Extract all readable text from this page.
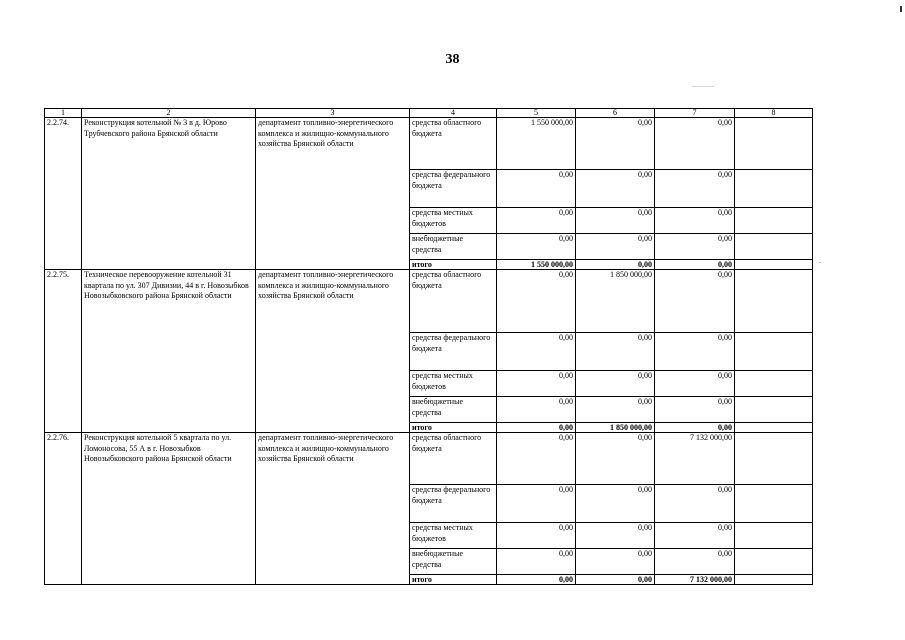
38
1	2	3	4	5	6	7	8
2.2.74.	Реконструкция котельной № 3 в д. Юрово Трубчевского района Брянской области	департамент топливно-энергетического комплекса и жилищно-коммунального хозяйства Брянской области	средства областного бюджета	1 550 000,00	0,00	0,00	
			средства федерального бюджета	0,00	0,00	0,00	
			средства местных бюджетов	0,00	0,00	0,00	
			внебюджетные средства	0,00	0,00	0,00	
			итого	1 550 000,00	0,00	0,00	
2.2.75.	Техническое перевооружение котельной 31 квартала по ул. 307 Дивизии, 44 в г. Новозыбков Новозыбковского района Брянской области	департамент топливно-энергетического комплекса и жилищно-коммунального хозяйства Брянской области	средства областного бюджета	0,00	1 850 000,00	0,00	
			средства федерального бюджета	0,00	0,00	0,00	
			средства местных бюджетов	0,00	0,00	0,00	
			внебюджетные средства	0,00	0,00	0,00	
			итого	0,00	1 850 000,00	0,00	
2.2.76.	Реконструкция котельной 5 квартала по ул. Ломоносова, 55 А в г. Новозыбков Новозыбковского района Брянской области	департамент топливно-энергетического комплекса и жилищно-коммунального хозяйства Брянской области	средства областного бюджета	0,00	0,00	7 132 000,00	
			средства федерального бюджета	0,00	0,00	0,00	
			средства местных бюджетов	0,00	0,00	0,00	
			внебюджетные средства	0,00	0,00	0,00	
			итого	0,00	0,00	7 132 000,00	
